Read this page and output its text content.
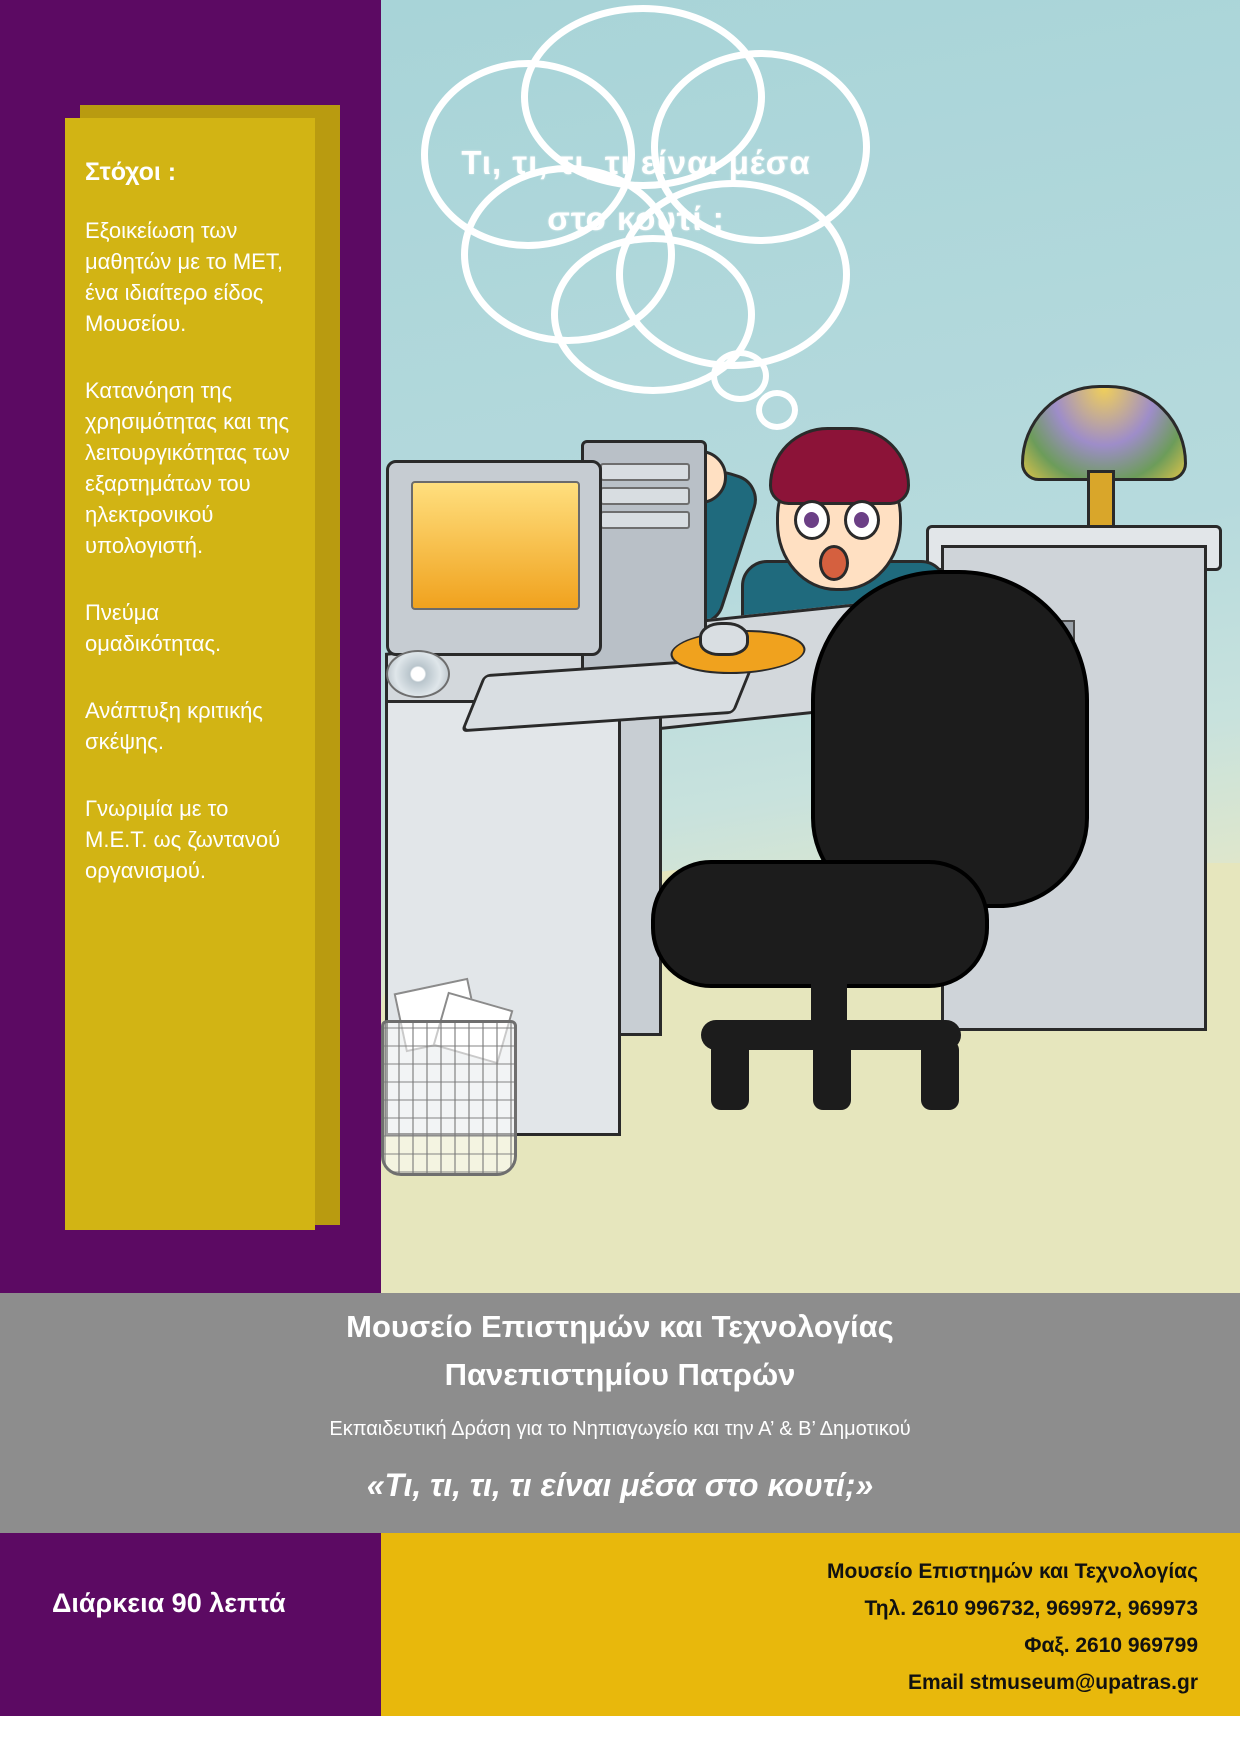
Τι, τι, τι, τι είναι μέσα στο κουτί ;
Στόχοι :

Εξοικείωση των μαθητών με το ΜΕΤ, ένα ιδιαίτερο είδος Μουσείου.

Κατανόηση της χρησιμότητας και της λειτουργικότητας των εξαρτημάτων του ηλεκτρονικού υπολογιστή.

Πνεύμα ομαδικότητας.

Ανάπτυξη κριτικής σκέψης.

Γνωριμία με το Μ.Ε.Τ. ως ζωντανού οργανισμού.

Μουσείο Επιστημών και Τεχνολογίας
Πανεπιστημίου Πατρών
Εκπαιδευτική Δράση για το Νηπιαγωγείο και την Α’ & Β’ Δημοτικού
«Τι, τι, τι, τι είναι μέσα στο κουτί;»
Διάρκεια 90 λεπτά
Μουσείο Επιστημών και Τεχνολογίας
Τηλ. 2610 996732, 969972, 969973
Φαξ. 2610 969799
Email stmuseum@upatras.gr
